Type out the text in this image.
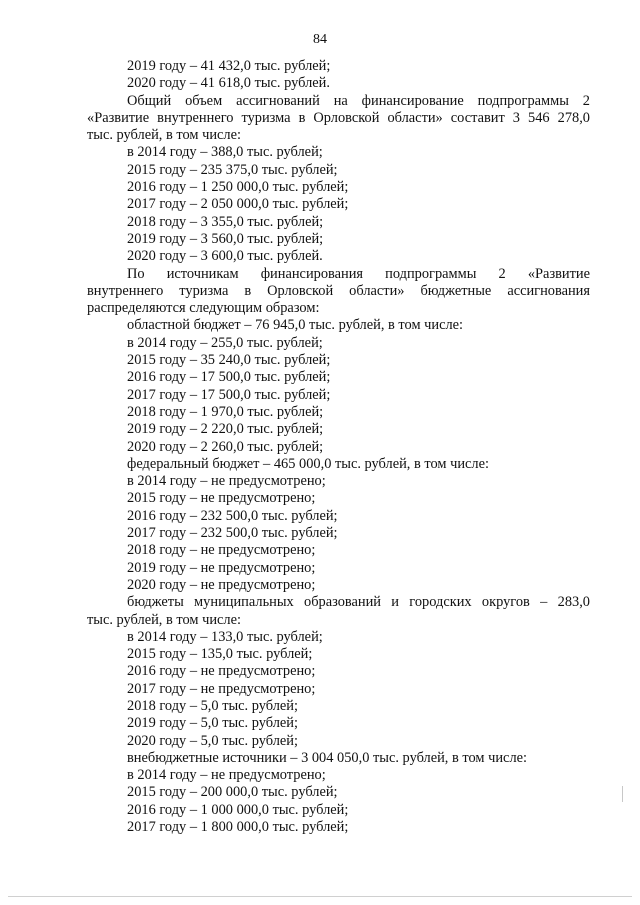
84
2019 году – 41 432,0 тыс. рублей;
2020 году – 41 618,0 тыс. рублей.
Общий объем ассигнований на финансирование подпрограммы 2
«Развитие внутреннего туризма в Орловской области» составит 3 546 278,0
тыс. рублей, в том числе:
в 2014 году – 388,0 тыс. рублей;
2015 году – 235 375,0 тыс. рублей;
2016 году – 1 250 000,0 тыс. рублей;
2017 году – 2 050 000,0 тыс. рублей;
2018 году – 3 355,0 тыс. рублей;
2019 году – 3 560,0 тыс. рублей;
2020 году – 3 600,0 тыс. рублей.
По источникам финансирования подпрограммы 2 «Развитие
внутреннего туризма в Орловской области» бюджетные ассигнования
распределяются следующим образом:
областной бюджет – 76 945,0 тыс. рублей, в том числе:
в 2014 году – 255,0 тыс. рублей;
2015 году – 35 240,0 тыс. рублей;
2016 году – 17 500,0 тыс. рублей;
2017 году – 17 500,0 тыс. рублей;
2018 году – 1 970,0 тыс. рублей;
2019 году – 2 220,0 тыс. рублей;
2020 году – 2 260,0 тыс. рублей;
федеральный бюджет – 465 000,0 тыс. рублей, в том числе:
в 2014 году – не предусмотрено;
2015 году – не предусмотрено;
2016 году – 232 500,0 тыс. рублей;
2017 году – 232 500,0 тыс. рублей;
2018 году – не предусмотрено;
2019 году – не предусмотрено;
2020 году – не предусмотрено;
бюджеты муниципальных образований и городских округов – 283,0
тыс. рублей, в том числе:
в 2014 году – 133,0 тыс. рублей;
2015 году – 135,0 тыс. рублей;
2016 году – не предусмотрено;
2017 году – не предусмотрено;
2018 году – 5,0 тыс. рублей;
2019 году – 5,0 тыс. рублей;
2020 году – 5,0 тыс. рублей;
внебюджетные источники – 3 004 050,0 тыс. рублей, в том числе:
в 2014 году – не предусмотрено;
2015 году – 200 000,0 тыс. рублей;
2016 году – 1 000 000,0 тыс. рублей;
2017 году – 1 800 000,0 тыс. рублей;
